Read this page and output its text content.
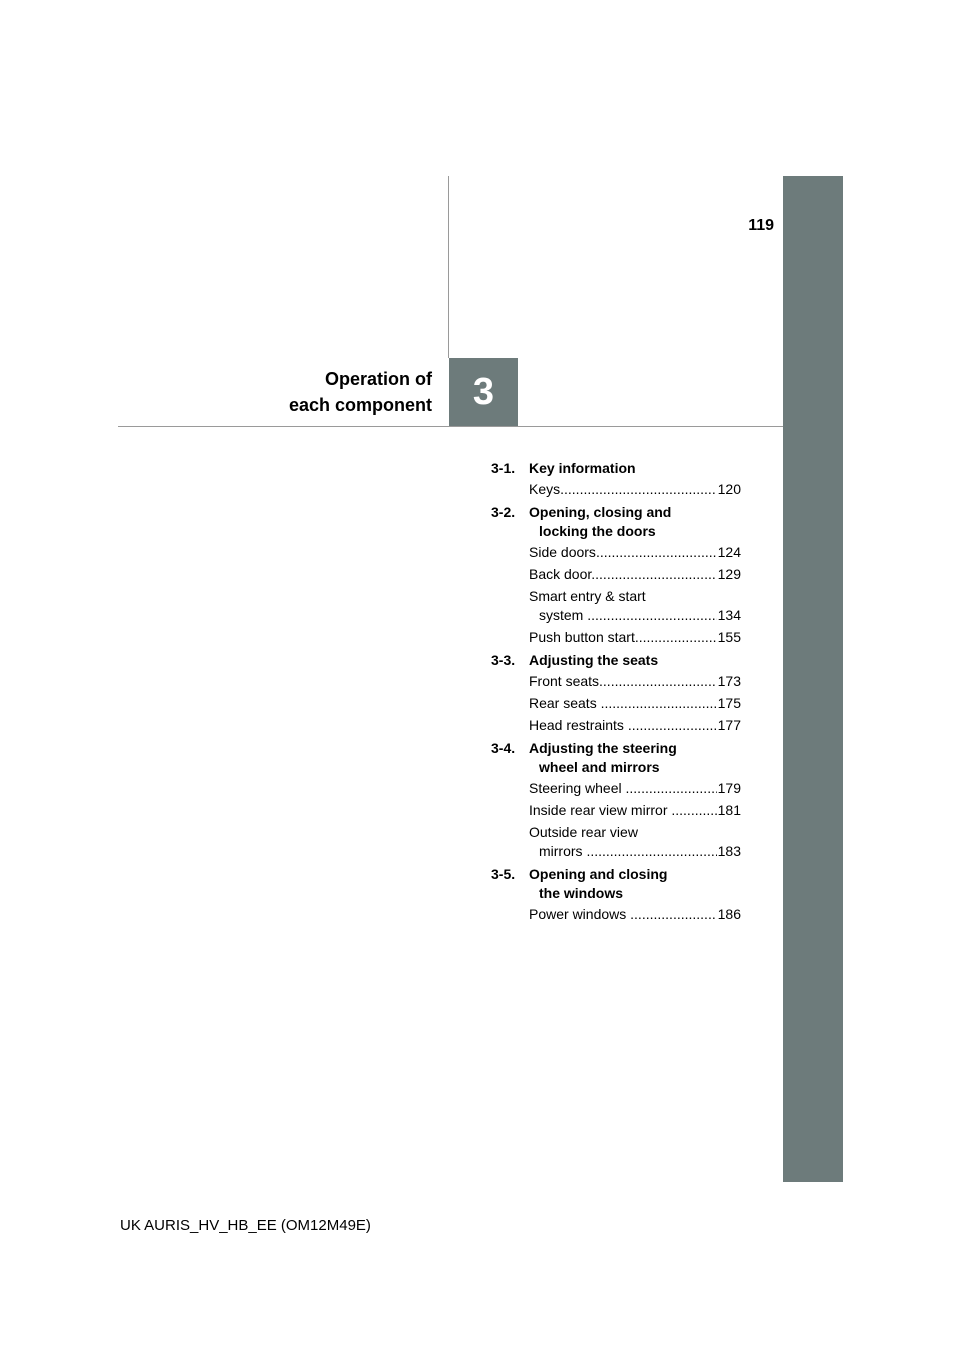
119
Operation of
each component 3
3-1. Key information
Keys .....	120
3-2. Opening, closing and
locking the doors
Side doors .....	124
Back door .....	129
Smart entry & start
system .....	134
Push button start .....	155
3-3. Adjusting the seats
Front seats .....	173
Rear seats .....	175
Head restraints .....	177
3-4. Adjusting the steering
wheel and mirrors
Steering wheel .....	179
Inside rear view mirror .....	181
Outside rear view
mirrors .....	183
3-5. Opening and closing
the windows
Power windows .....	186
UK AURIS_HV_HB_EE (OM12M49E)
